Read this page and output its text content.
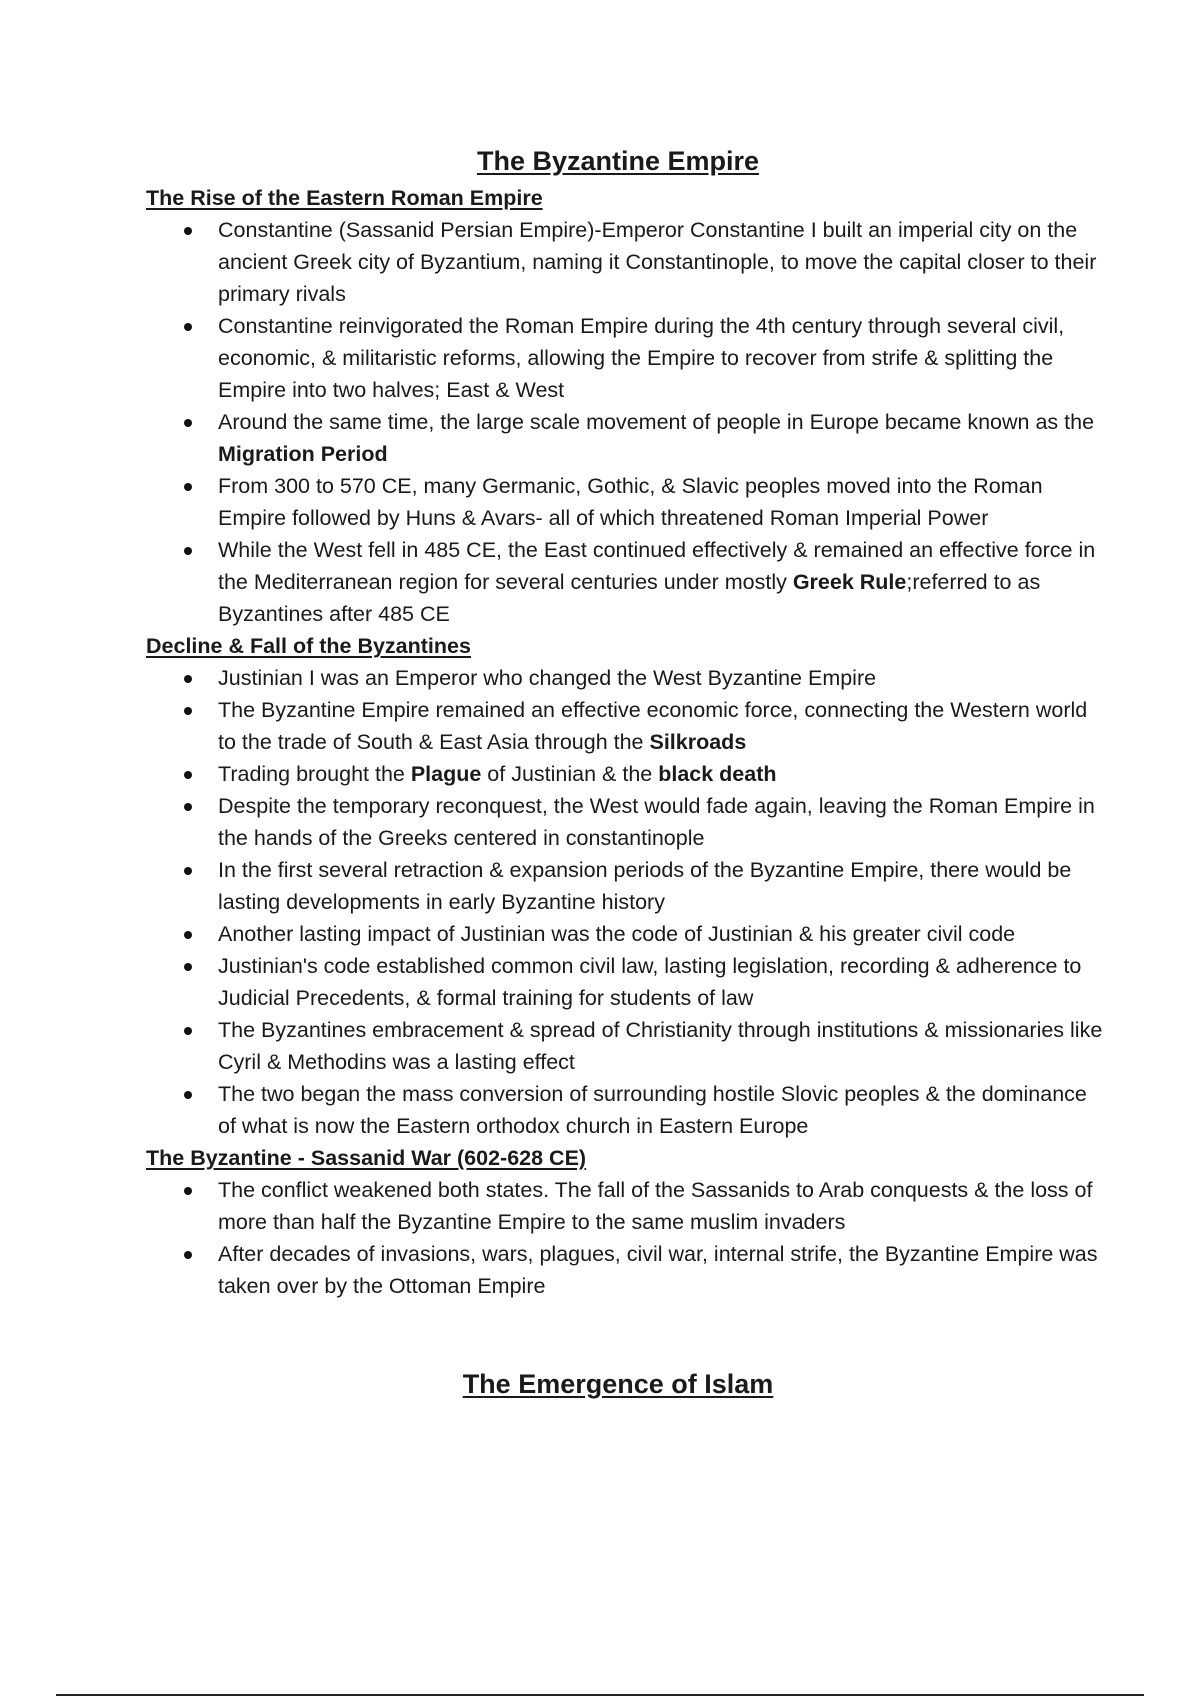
The Byzantine Empire
The Rise of the Eastern Roman Empire
Constantine (Sassanid Persian Empire)-Emperor Constantine I built an imperial city on the ancient Greek city of Byzantium, naming it Constantinople, to move the capital closer to their primary rivals
Constantine reinvigorated the Roman Empire during the 4th century through several civil, economic, & militaristic reforms, allowing the Empire to recover from strife & splitting the Empire into two halves; East & West
Around the same time, the large scale movement of people in Europe became known as the Migration Period
From 300 to 570 CE, many Germanic, Gothic, & Slavic peoples moved into the Roman Empire followed by Huns & Avars- all of which threatened Roman Imperial Power
While the West fell in 485 CE, the East continued effectively & remained an effective force in the Mediterranean region for several centuries under mostly Greek Rule;referred to as Byzantines after 485 CE
Decline & Fall of the Byzantines
Justinian I was an Emperor who changed the West Byzantine Empire
The Byzantine Empire remained an effective economic force, connecting the Western world to the trade of South & East Asia through the Silkroads
Trading brought the Plague of Justinian & the black death
Despite the temporary reconquest, the West would fade again, leaving the Roman Empire in the hands of the Greeks centered in constantinople
In the first several retraction & expansion periods of the Byzantine Empire, there would be lasting developments in early Byzantine history
Another lasting impact of Justinian was the code of Justinian & his greater civil code
Justinian's code established common civil law, lasting legislation, recording & adherence to Judicial Precedents, & formal training for students of law
The Byzantines embracement & spread of Christianity through institutions & missionaries like Cyril & Methodins was a lasting effect
The two began the mass conversion of surrounding hostile Slovic peoples & the dominance of what is now the Eastern orthodox church in Eastern Europe
The Byzantine - Sassanid War (602-628 CE)
The conflict weakened both states. The fall of the Sassanids to Arab conquests & the loss of more than half the Byzantine Empire to the same muslim invaders
After decades of invasions, wars, plagues, civil war, internal strife, the Byzantine Empire was taken over by the Ottoman Empire
The Emergence of Islam
